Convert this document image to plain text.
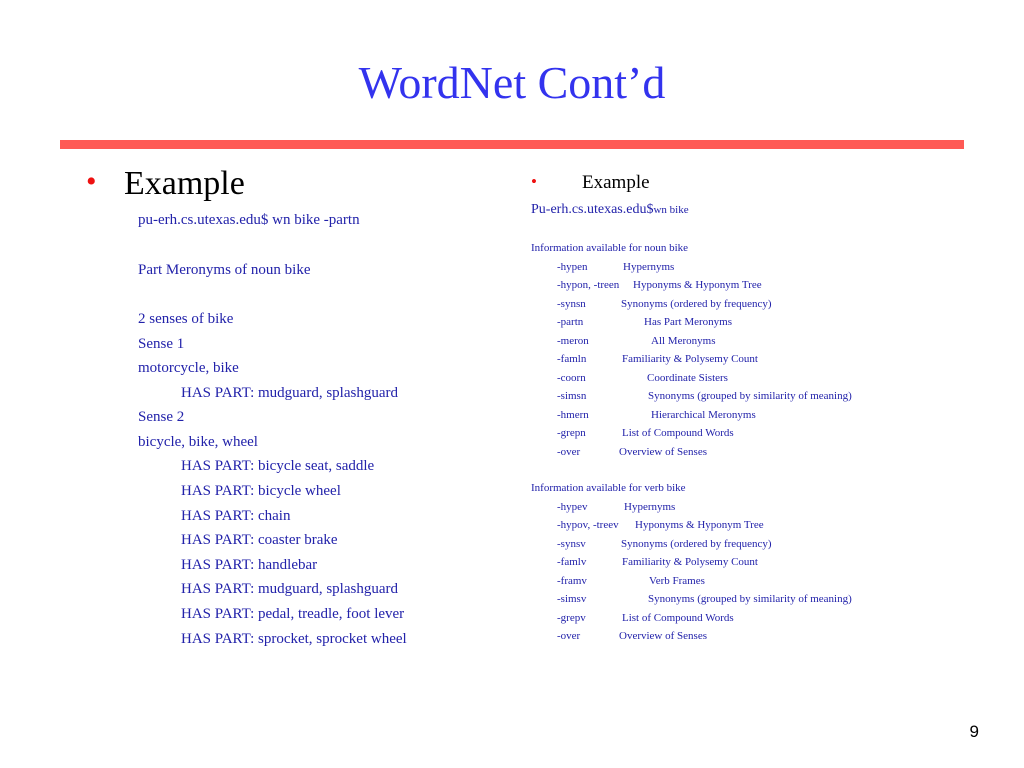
WordNet Cont’d
• Example
pu-erh.cs.utexas.edu$ wn bike -partn
Part Meronyms of noun bike
2 senses of bike
Sense 1
motorcycle, bike
HAS PART: mudguard, splashguard
Sense 2
bicycle, bike, wheel
HAS PART: bicycle seat, saddle
HAS PART: bicycle wheel
HAS PART: chain
HAS PART: coaster brake
HAS PART: handlebar
HAS PART: mudguard, splashguard
HAS PART: pedal, treadle, foot lever
HAS PART: sprocket, sprocket wheel
• Example
Pu-erh.cs.utexas.edu$wn bike
Information available for noun bike
-hypen	Hypernyms
-hypon, -treen Hyponyms & Hyponym Tree
-synsn	Synonyms (ordered by frequency)
-partn	Has Part Meronyms
-meron	All Meronyms
-famln	Familiarity & Polysemy Count
-coorn	Coordinate Sisters
-simsn	Synonyms (grouped by similarity of meaning)
-hmern	Hierarchical Meronyms
-grepn	List of Compound Words
-over	Overview of Senses
Information available for verb bike
-hypev	Hypernyms
-hypov, -treev Hyponyms & Hyponym Tree
-synsv	Synonyms (ordered by frequency)
-famlv	Familiarity & Polysemy Count
-framv	Verb Frames
-simsv	Synonyms (grouped by similarity of meaning)
-grepv	List of Compound Words
-over	Overview of Senses
9
